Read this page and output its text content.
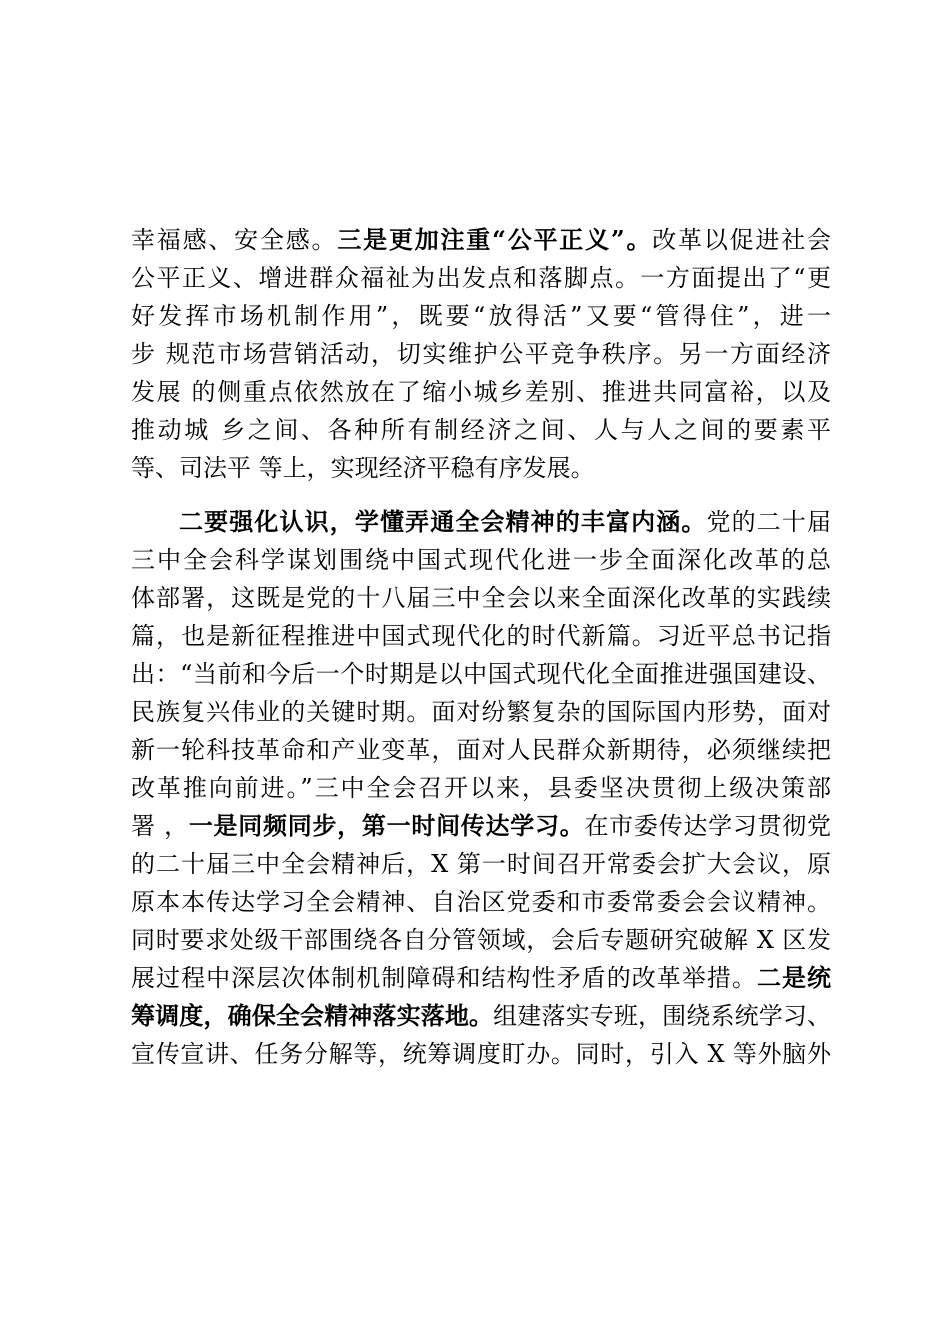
幸福感、安全感。三是更加注重“公平正义”。改革以促进社会
公平正义、增进群众福祉为出发点和落脚点。一方面提出了“更
好发挥市场机制作用”，既要“放得活”又要“管得住”，进一
步 规范市场营销活动，切实维护公平竞争秩序。另一方面经济
发展 的侧重点依然放在了缩小城乡差别、推进共同富裕，以及
推动城 乡之间、各种所有制经济之间、人与人之间的要素平
等、司法平 等上，实现经济平稳有序发展。
二要强化认识，学懂弄通全会精神的丰富内涵。党的二十届
三中全会科学谋划围绕中国式现代化进一步全面深化改革的总
体部署，这既是党的十八届三中全会以来全面深化改革的实践续
篇，也是新征程推进中国式现代化的时代新篇。习近平总书记指
出：“当前和今后一个时期是以中国式现代化全面推进强国建设、
民族复兴伟业的关键时期。面对纷繁复杂的国际国内形势，面对
新一轮科技革命和产业变革，面对人民群众新期待，必须继续把
改革推向前进。”三中全会召开以来，县委坚决贯彻上级决策部
署 ，一是同频同步，第一时间传达学习。在市委传达学习贯彻党
的二十届三中全会精神后，X 第一时间召开常委会扩大会议，原
原本本传达学习全会精神、自治区党委和市委常委会会议精神。
同时要求处级干部围绕各自分管领域，会后专题研究破解 X 区发
展过程中深层次体制机制障碍和结构性矛盾的改革举措。二是统
筹调度，确保全会精神落实落地。组建落实专班，围绕系统学习、
宣传宣讲、任务分解等，统筹调度盯办。同时，引入 X 等外脑外
